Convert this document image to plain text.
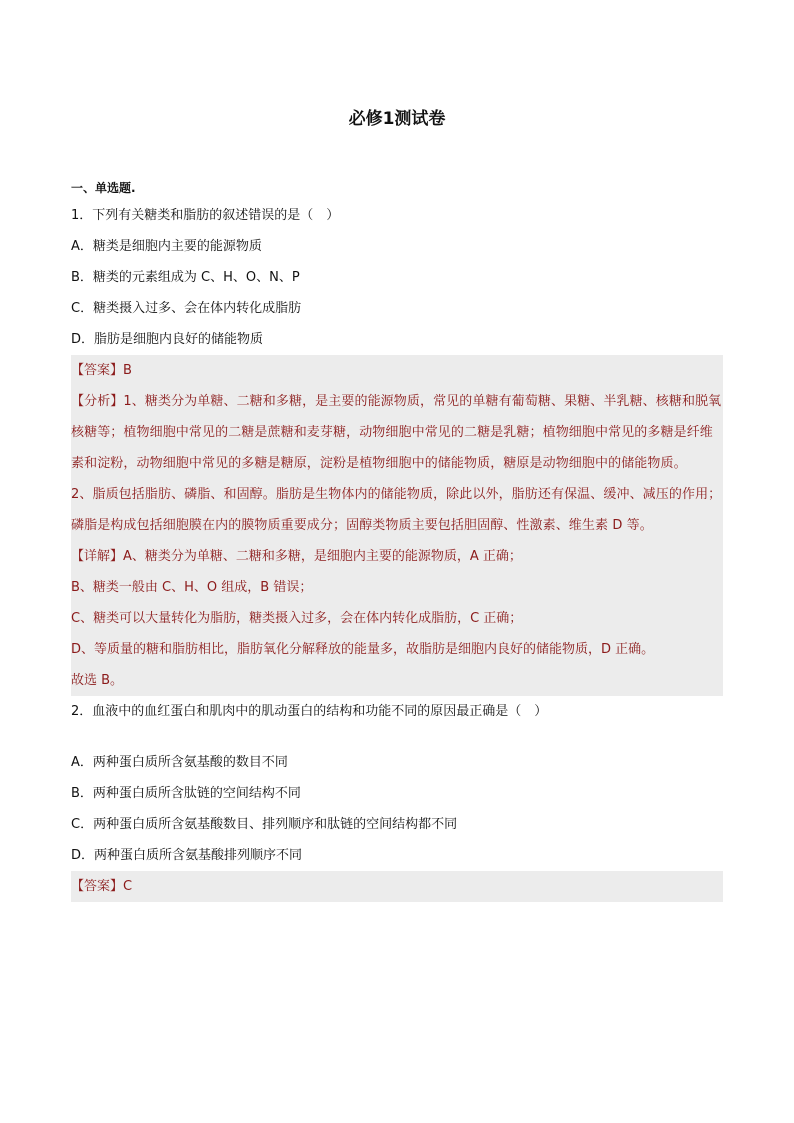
必修1测试卷
一、单选题.
1．下列有关糖类和脂肪的叙述错误的是（　）
A．糖类是细胞内主要的能源物质
B．糖类的元素组成为 C、H、O、N、P
C．糖类摄入过多、会在体内转化成脂肪
D．脂肪是细胞内良好的储能物质
【答案】B
【分析】1、糖类分为单糖、二糖和多糖，是主要的能源物质，常见的单糖有葡萄糖、果糖、半乳糖、核糖和脱氧核糖等；植物细胞中常见的二糖是蔗糖和麦芽糖，动物细胞中常见的二糖是乳糖；植物细胞中常见的多糖是纤维素和淀粉，动物细胞中常见的多糖是糖原，淀粉是植物细胞中的储能物质，糖原是动物细胞中的储能物质。
2、脂质包括脂肪、磷脂、和固醇。脂肪是生物体内的储能物质，除此以外，脂肪还有保温、缓冲、减压的作用；磷脂是构成包括细胞膜在内的膜物质重要成分；固醇类物质主要包括胆固醇、性激素、维生素 D 等。
【详解】A、糖类分为单糖、二糖和多糖，是细胞内主要的能源物质，A 正确；
B、糖类一般由 C、H、O 组成，B 错误；
C、糖类可以大量转化为脂肪，糖类摄入过多，会在体内转化成脂肪，C 正确；
D、等质量的糖和脂肪相比，脂肪氧化分解释放的能量多，故脂肪是细胞内良好的储能物质，D 正确。
故选 B。
2．血液中的血红蛋白和肌肉中的肌动蛋白的结构和功能不同的原因最正确是（　）
A．两种蛋白质所含氨基酸的数目不同
B．两种蛋白质所含肽链的空间结构不同
C．两种蛋白质所含氨基酸数目、排列顺序和肽链的空间结构都不同
D．两种蛋白质所含氨基酸排列顺序不同
【答案】C
